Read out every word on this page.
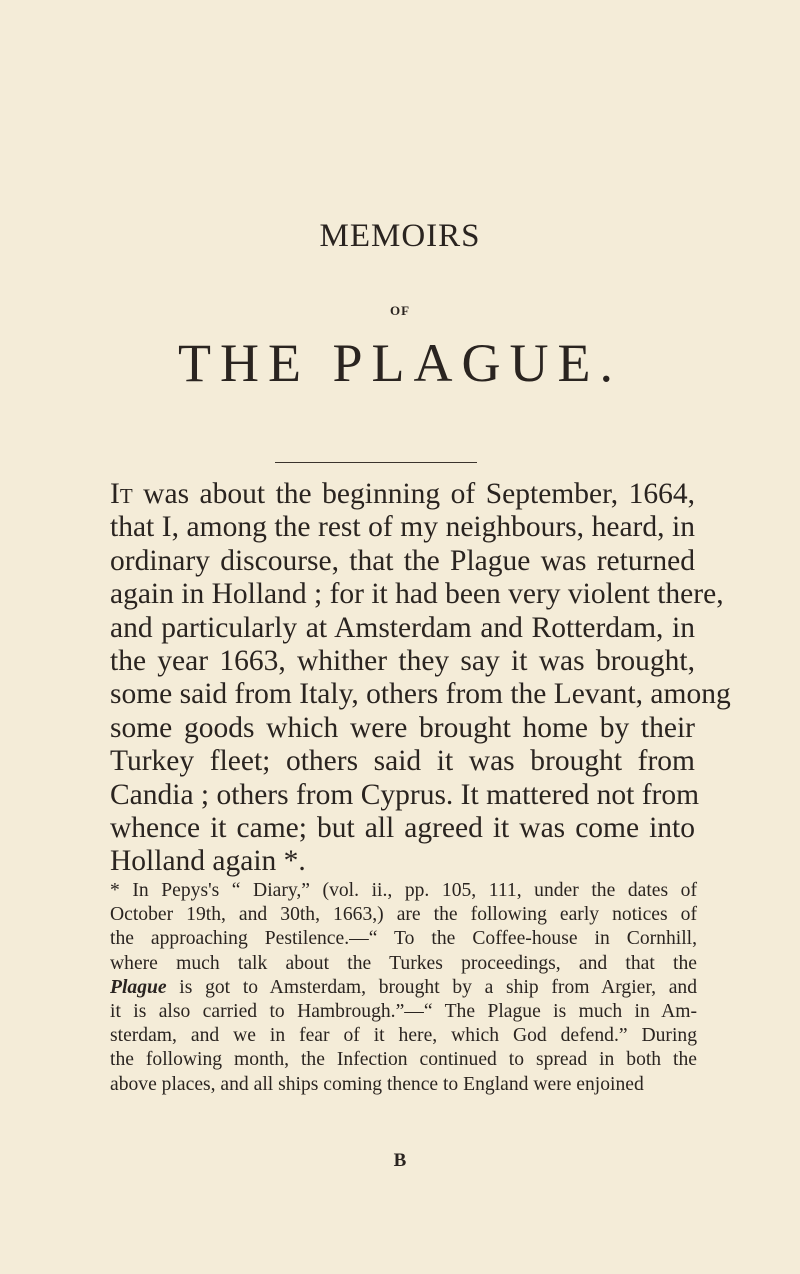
MEMOIRS
OF
THE PLAGUE.
It was about the beginning of September, 1664,
that I, among the rest of my neighbours, heard, in
ordinary discourse, that the Plague was returned
again in Holland ; for it had been very violent there,
and particularly at Amsterdam and Rotterdam, in
the year 1663, whither they say it was brought,
some said from Italy, others from the Levant, among
some goods which were brought home by their
Turkey fleet; others said it was brought from
Candia ; others from Cyprus. It mattered not from
whence it came; but all agreed it was come into
Holland again *.
* In Pepys's “ Diary,” (vol. ii., pp. 105, 111, under the dates of
October 19th, and 30th, 1663,) are the following early notices of
the approaching Pestilence.—“ To the Coffee-house in Cornhill,
where much talk about the Turkes proceedings, and that the
Plague is got to Amsterdam, brought by a ship from Argier, and
it is also carried to Hambrough.”—“ The Plague is much in Am-
sterdam, and we in fear of it here, which God defend.” During
the following month, the Infection continued to spread in both the
above places, and all ships coming thence to England were enjoined
B
